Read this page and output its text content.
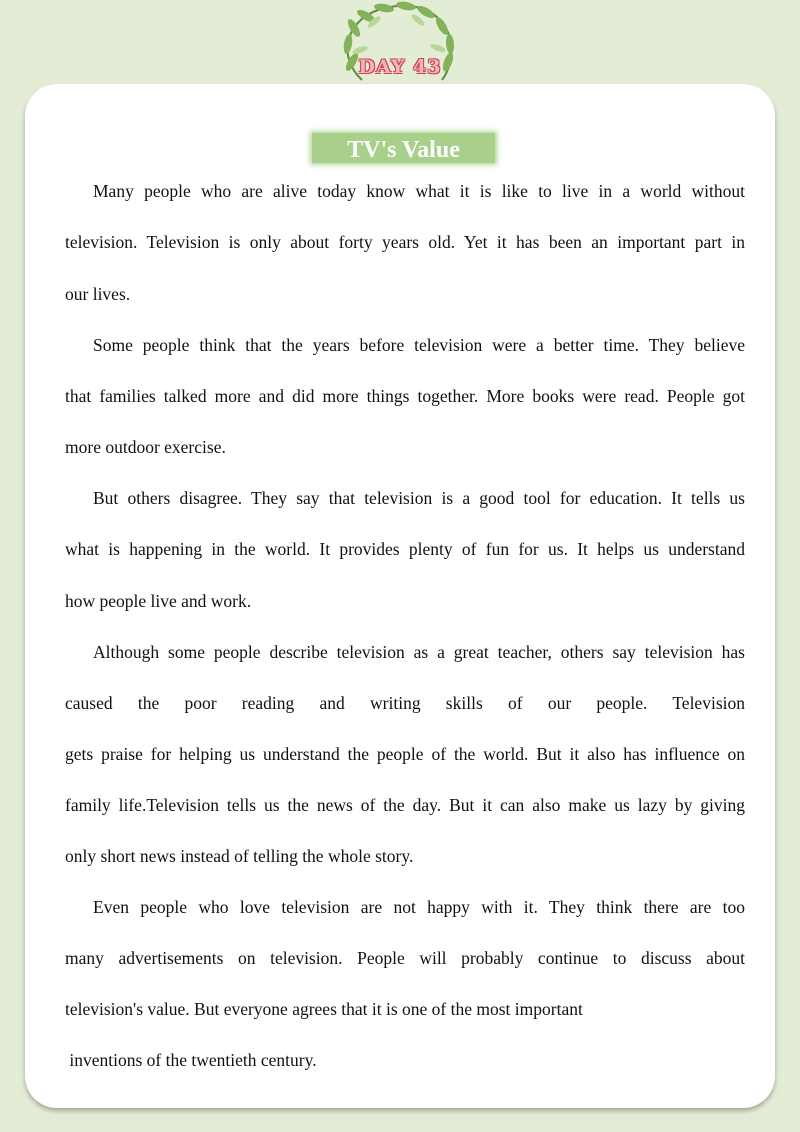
DAY 43
TV's Value
Many people who are alive today know what it is like to live in a world without
television. Television is only about forty years old. Yet it has been an important part in
our lives.
Some people think that the years before television were a better time. They believe
that families talked more and did more things together. More books were read. People got
more outdoor exercise.
But others disagree. They say that television is a good tool for education. It tells us
what is happening in the world. It provides plenty of fun for us. It helps us understand
how people live and work.
Although some people describe television as a great teacher, others say television has
caused the poor reading and writing skills of our people. Television
gets praise for helping us understand the people of the world. But it also has influence on
family life.Television tells us the news of the day. But it can also make us lazy by giving
only short news instead of telling the whole story.
Even people who love television are not happy with it. They think there are too
many advertisements on television. People will probably continue to discuss about
television's value. But everyone agrees that it is one of the most important
inventions of the twentieth century.
